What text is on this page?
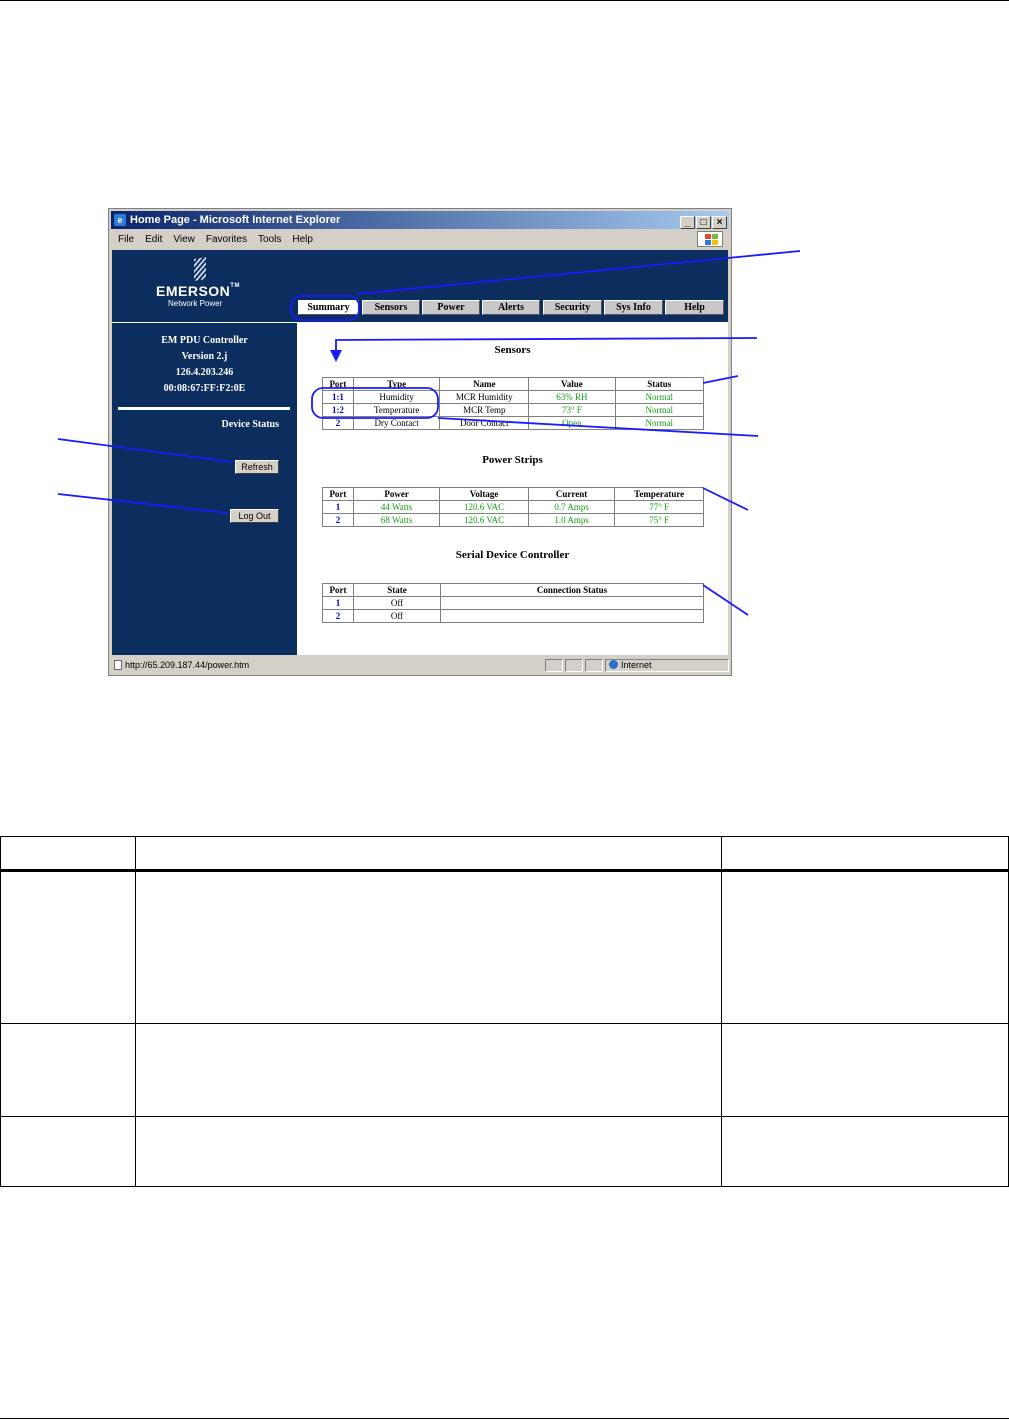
e Home Page - Microsoft Internet Explorer	_ □ ×
File Edit View Favorites Tools Help
EMERSON™
Network Power	Summary	Sensors	Power	Alerts	Security	Sys Info	Help
EM PDU Controller
Version 2.j
126.4.203.246
00:08:67:FF:F2:0E
Device Status
Refresh
Log Out
Sensors
Port	Type	Name	Value	Status
1:1	Humidity	MCR Humidity	63% RH	Normal
1:2	Temperature	MCR Temp	73° F	Normal
2	Dry Contact	Door Contact	Open	Normal
Power Strips
Port	Power	Voltage	Current	Temperature
1	44 Watts	120.6 VAC	0.7 Amps	77° F
2	68 Watts	120.6 VAC	1.0 Amps	75° F
Serial Device Controller
Port	State	Connection Status
1	Off	
2	Off	
http://65.209.187.44/power.htm	Internet
